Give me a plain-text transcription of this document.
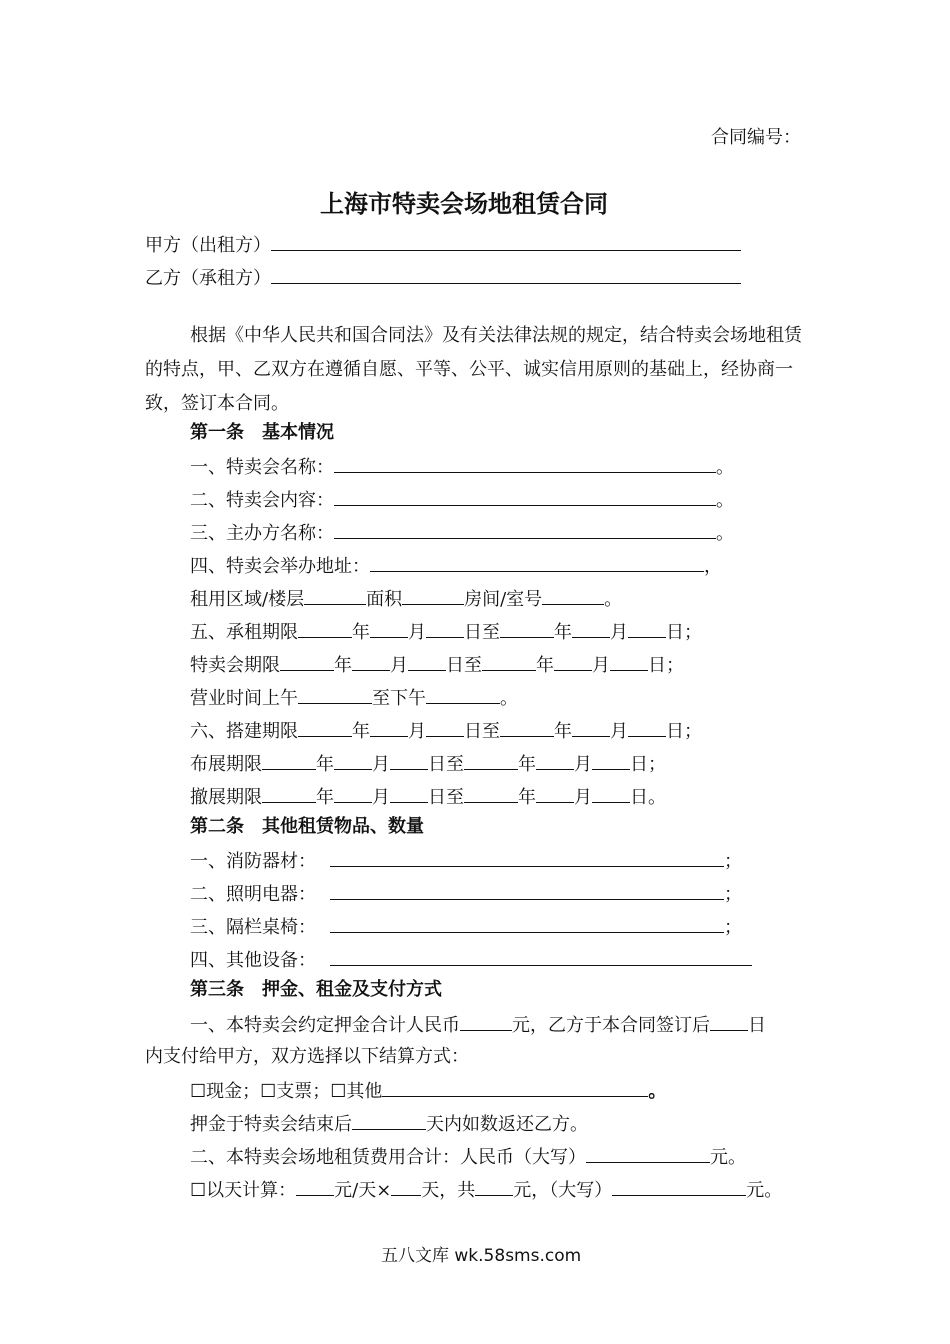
合同编号：
上海市特卖会场地租赁合同
甲方（出租方）
乙方（承租方）
根据《中华人民共和国合同法》及有关法律法规的规定，结合特卖会场地租赁的特点，甲、乙双方在遵循自愿、平等、公平、诚实信用原则的基础上，经协商一致，签订本合同。
第一条　基本情况
一、特卖会名称：	。
二、特卖会内容：	。
三、主办方名称：	。
四、特卖会举办地址：	，
租用区域/楼层	面积	房间/室号	。
五、承租期限	年 月 日至	年 月 日；
特卖会期限	年 月 日至	年 月 日；
营业时间上午	至下午	。
六、搭建期限	年 月 日至	年 月 日；
布展期限	年 月 日至	年 月 日；
撤展期限	年 月 日至	年 月 日。
第二条　其他租赁物品、数量
一、消防器材：	；
二、照明电器：	；
三、隔栏桌椅：	；
四、其他设备：
第三条　押金、租金及支付方式
一、本特卖会约定押金合计人民币	元，乙方于本合同签订后 日
内支付给甲方，双方选择以下结算方式：
☐现金；☐支票；☐其他	。
押金于特卖会结束后	天内如数返还乙方。
二、本特卖会场地租赁费用合计：人民币（大写）	元。
☐以天计算： 元/天× 天，共 元，（大写）	元。
五八文库 wk.58sms.com
